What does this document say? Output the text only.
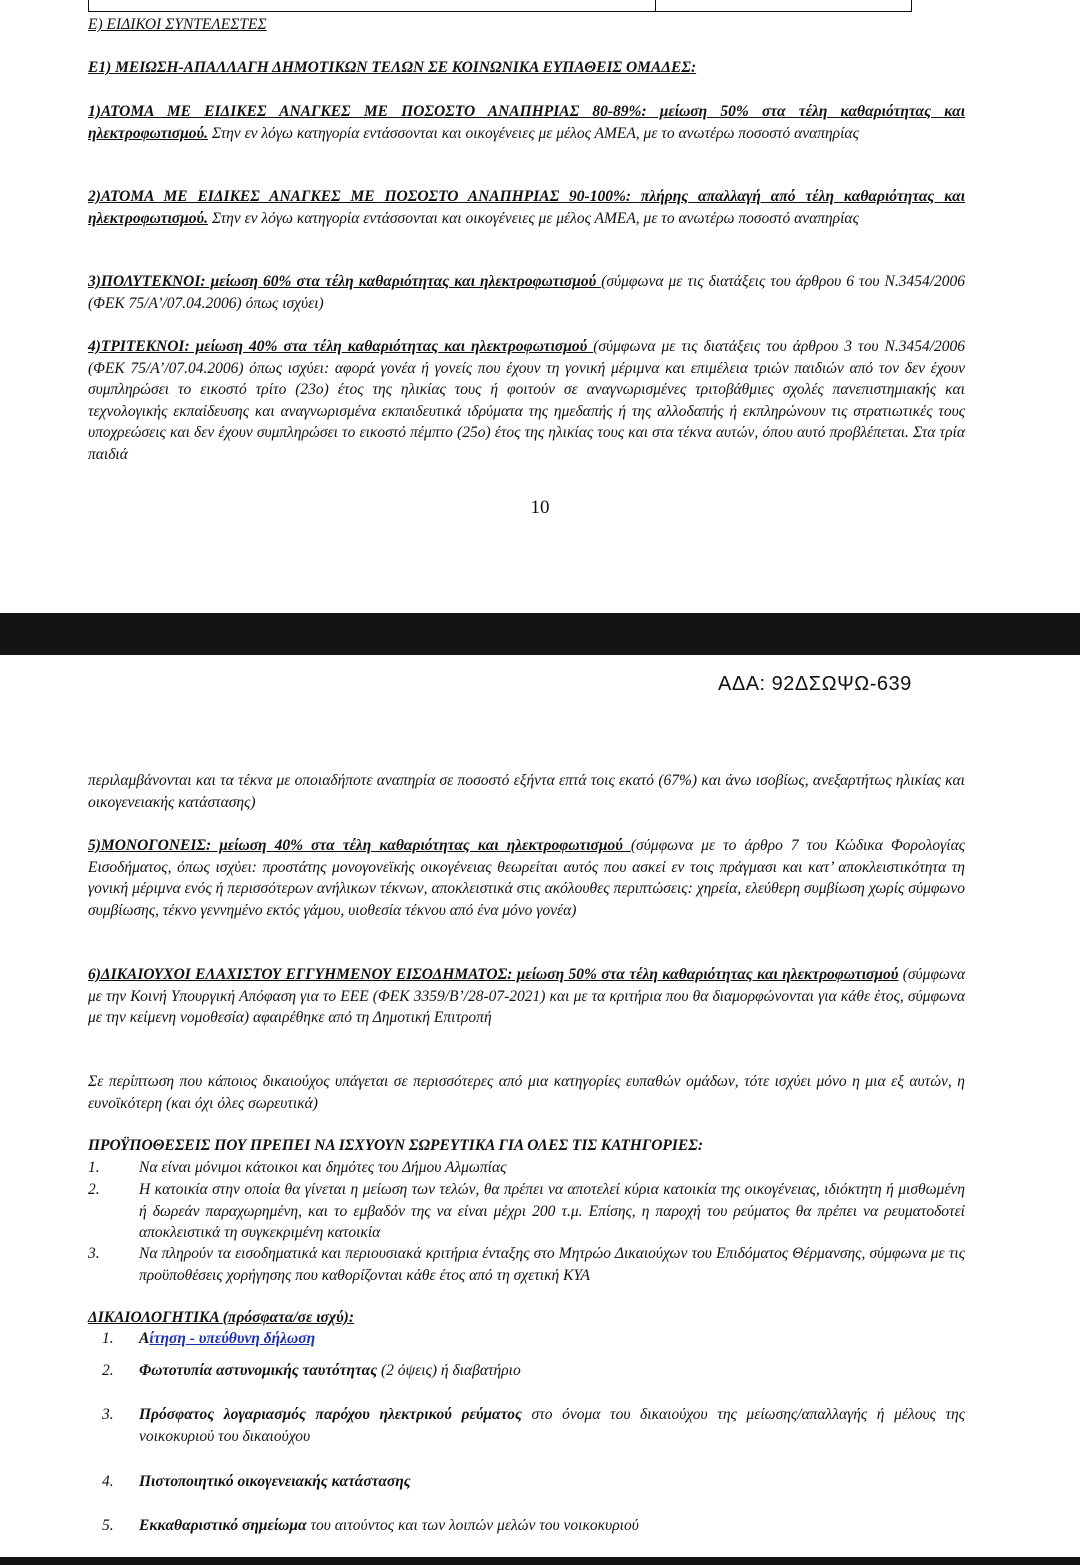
Ε) ΕΙΔΙΚΟΙ ΣΥΝΤΕΛΕΣΤΕΣ
Ε1) ΜΕΙΩΣΗ-ΑΠΑΛΛΑΓΗ ΔΗΜΟΤΙΚΩΝ ΤΕΛΩΝ ΣΕ ΚΟΙΝΩΝΙΚΑ ΕΥΠΑΘΕΙΣ ΟΜΑΔΕΣ:
1)ΑΤΟΜΑ ΜΕ ΕΙΔΙΚΕΣ ΑΝΑΓΚΕΣ ΜΕ ΠΟΣΟΣΤΟ ΑΝΑΠΗΡΙΑΣ 80-89%: μείωση 50% στα τέλη καθαριότητας και ηλεκτροφωτισμού. Στην εν λόγω κατηγορία εντάσσονται και οικογένειες με μέλος ΑΜΕΑ, με το ανωτέρω ποσοστό αναπηρίας
2)ΑΤΟΜΑ ΜΕ ΕΙΔΙΚΕΣ ΑΝΑΓΚΕΣ ΜΕ ΠΟΣΟΣΤΟ ΑΝΑΠΗΡΙΑΣ 90-100%: πλήρης απαλλαγή από τέλη καθαριότητας και ηλεκτροφωτισμού. Στην εν λόγω κατηγορία εντάσσονται και οικογένειες με μέλος ΑΜΕΑ, με το ανωτέρω ποσοστό αναπηρίας
3)ΠΟΛΥΤΕΚΝΟΙ: μείωση 60% στα τέλη καθαριότητας και ηλεκτροφωτισμού (σύμφωνα με τις διατάξεις του άρθρου 6 του Ν.3454/2006 (ΦΕΚ 75/Α’/07.04.2006) όπως ισχύει)
4)ΤΡΙΤΕΚΝΟΙ: μείωση 40% στα τέλη καθαριότητας και ηλεκτροφωτισμού (σύμφωνα με τις διατάξεις του άρθρου 3 του Ν.3454/2006 (ΦΕΚ 75/Α’/07.04.2006) όπως ισχύει: αφορά γονέα ή γονείς που έχουν τη γονική μέριμνα και επιμέλεια τριών παιδιών από τον δεν έχουν συμπληρώσει το εικοστό τρίτο (23ο) έτος της ηλικίας τους ή φοιτούν σε αναγνωρισμένες τριτοβάθμιες σχολές πανεπιστημιακής και τεχνολογικής εκπαίδευσης και αναγνωρισμένα εκπαιδευτικά ιδρύματα της ημεδαπής ή της αλλοδαπής ή εκπληρώνουν τις στρατιωτικές τους υποχρεώσεις και δεν έχουν συμπληρώσει το εικοστό πέμπτο (25ο) έτος της ηλικίας τους και στα τέκνα αυτών, όπου αυτό προβλέπεται. Στα τρία παιδιά
10
ΑΔΑ: 92ΔΣΩΨΩ-639
περιλαμβάνονται και τα τέκνα με οποιαδήποτε αναπηρία σε ποσοστό εξήντα επτά τοις εκατό (67%) και άνω ισοβίως, ανεξαρτήτως ηλικίας και οικογενειακής κατάστασης)
5)ΜΟΝΟΓΟΝΕΙΣ: μείωση 40% στα τέλη καθαριότητας και ηλεκτροφωτισμού (σύμφωνα με το άρθρο 7 του Κώδικα Φορολογίας Εισοδήματος, όπως ισχύει: προστάτης μονογονεϊκής οικογένειας θεωρείται αυτός που ασκεί εν τοις πράγμασι και κατ’ αποκλειστικότητα τη γονική μέριμνα ενός ή περισσότερων ανήλικων τέκνων, αποκλειστικά στις ακόλουθες περιπτώσεις: χηρεία, ελεύθερη συμβίωση χωρίς σύμφωνο συμβίωσης, τέκνο γεννημένο εκτός γάμου, υιοθεσία τέκνου από ένα μόνο γονέα)
6)ΔΙΚΑΙΟΥΧΟΙ ΕΛΑΧΙΣΤΟΥ ΕΓΓΥΗΜΕΝΟΥ ΕΙΣΟΔΗΜΑΤΟΣ: μείωση 50% στα τέλη καθαριότητας και ηλεκτροφωτισμού (σύμφωνα με την Κοινή Υπουργική Απόφαση για το ΕΕΕ (ΦΕΚ 3359/Β’/28-07-2021) και με τα κριτήρια που θα διαμορφώνονται για κάθε έτος, σύμφωνα με την κείμενη νομοθεσία) αφαιρέθηκε από τη Δημοτική Επιτροπή
Σε περίπτωση που κάποιος δικαιούχος υπάγεται σε περισσότερες από μια κατηγορίες ευπαθών ομάδων, τότε ισχύει μόνο η μια εξ αυτών, η ευνοϊκότερη (και όχι όλες σωρευτικά)
ΠΡΟΫΠΟΘΕΣΕΙΣ ΠΟΥ ΠΡΕΠΕΙ ΝΑ ΙΣΧΥΟΥΝ ΣΩΡΕΥΤΙΚΑ ΓΙΑ ΟΛΕΣ ΤΙΣ ΚΑΤΗΓΟΡΙΕΣ:
1.	Να είναι μόνιμοι κάτοικοι και δημότες του Δήμου Αλμωπίας
2.	Η κατοικία στην οποία θα γίνεται η μείωση των τελών, θα πρέπει να αποτελεί κύρια κατοικία της οικογένειας, ιδιόκτητη ή μισθωμένη ή δωρεάν παραχωρημένη, και το εμβαδόν της να είναι μέχρι 200 τ.μ. Επίσης, η παροχή του ρεύματος θα πρέπει να ρευματοδοτεί αποκλειστικά τη συγκεκριμένη κατοικία
3.	Να πληρούν τα εισοδηματικά και περιουσιακά κριτήρια ένταξης στο Μητρώο Δικαιούχων του Επιδόματος Θέρμανσης, σύμφωνα με τις προϋποθέσεις χορήγησης που καθορίζονται κάθε έτος από τη σχετική ΚΥΑ
ΔΙΚΑΙΟΛΟΓΗΤΙΚΑ (πρόσφατα/σε ισχύ):
1. Αίτηση - υπεύθυνη δήλωση
2. Φωτοτυπία αστυνομικής ταυτότητας (2 όψεις) ή διαβατήριο
3. Πρόσφατος λογαριασμός παρόχου ηλεκτρικού ρεύματος στο όνομα του δικαιούχου της μείωσης/απαλλαγής ή μέλους της νοικοκυριού του δικαιούχου
4. Πιστοποιητικό οικογενειακής κατάστασης
5. Εκκαθαριστικό σημείωμα του αιτούντος και των λοιπών μελών του νοικοκυριού
